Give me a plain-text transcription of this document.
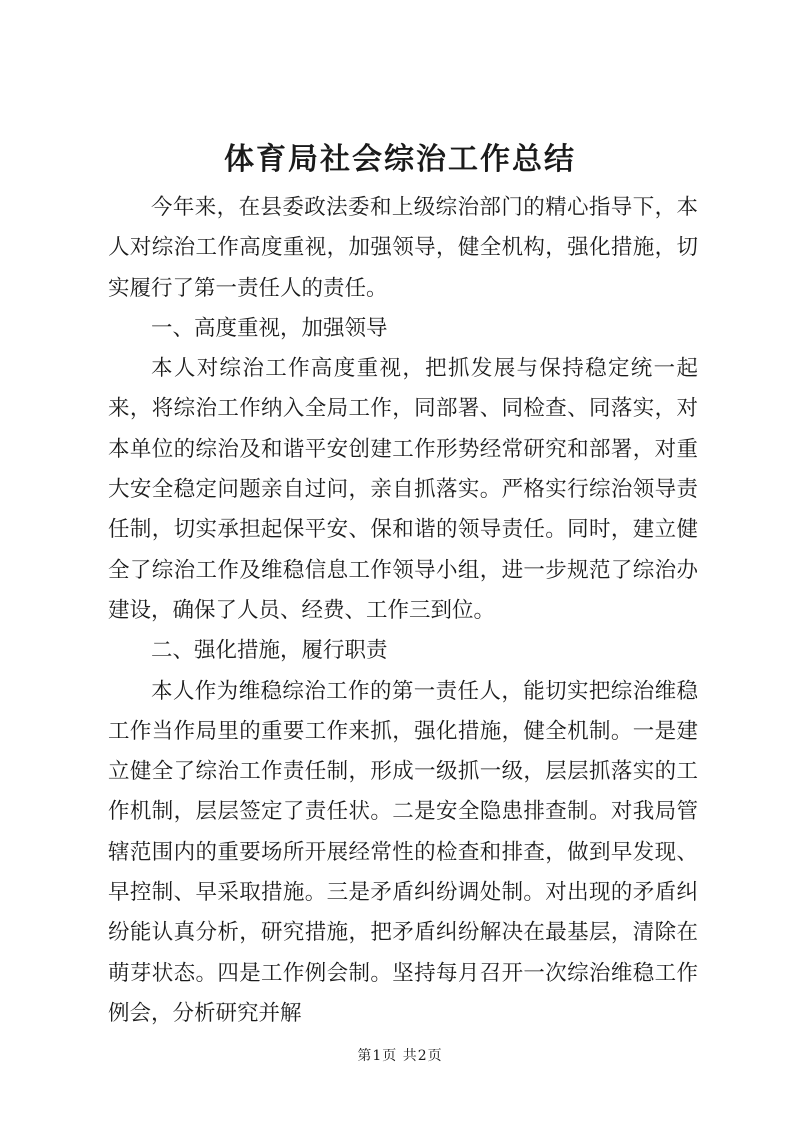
体育局社会综治工作总结

今年来，在县委政法委和上级综治部门的精心指导下，本人对综治工作高度重视，加强领导，健全机构，强化措施，切实履行了第一责任人的责任。

一、高度重视，加强领导

本人对综治工作高度重视，把抓发展与保持稳定统一起来，将综治工作纳入全局工作，同部署、同检查、同落实，对本单位的综治及和谐平安创建工作形势经常研究和部署，对重大安全稳定问题亲自过问，亲自抓落实。严格实行综治领导责任制，切实承担起保平安、保和谐的领导责任。同时，建立健全了综治工作及维稳信息工作领导小组，进一步规范了综治办建设，确保了人员、经费、工作三到位。

二、强化措施，履行职责

本人作为维稳综治工作的第一责任人，能切实把综治维稳工作当作局里的重要工作来抓，强化措施，健全机制。一是建立健全了综治工作责任制，形成一级抓一级，层层抓落实的工作机制，层层签定了责任状。二是安全隐患排查制。对我局管辖范围内的重要场所开展经常性的检查和排查，做到早发现、早控制、早采取措施。三是矛盾纠纷调处制。对出现的矛盾纠纷能认真分析，研究措施，把矛盾纠纷解决在最基层，清除在萌芽状态。四是工作例会制。坚持每月召开一次综治维稳工作例会，分析研究并解

第1页 共2页
